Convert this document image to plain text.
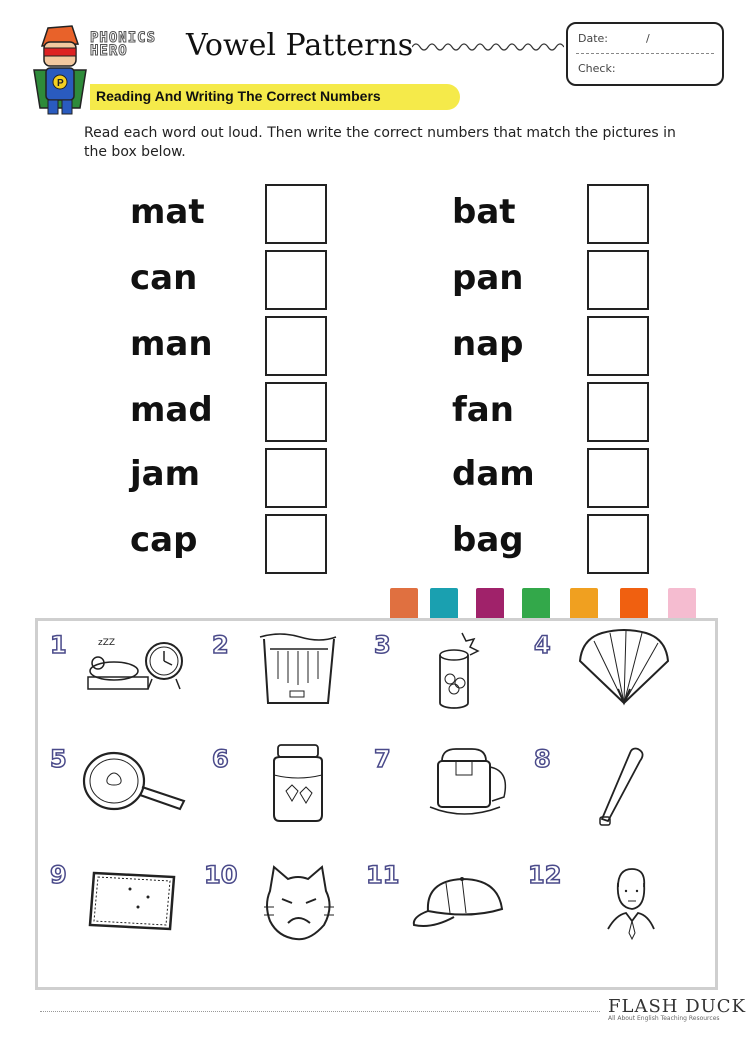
P
PHONICS
HERO	Vowel Patterns	Date:	/
Check:
Reading And Writing The Correct Numbers
Read each word out loud. Then write the correct numbers that match the pictures in the box below.
mat
can
man
mad
jam
cap
bat
pan
nap
fan
dam
bag
1	zZZ	2	3	4
5	6	7	8
9	10	11	12
FLASH DUCK
All About English Teaching Resources
